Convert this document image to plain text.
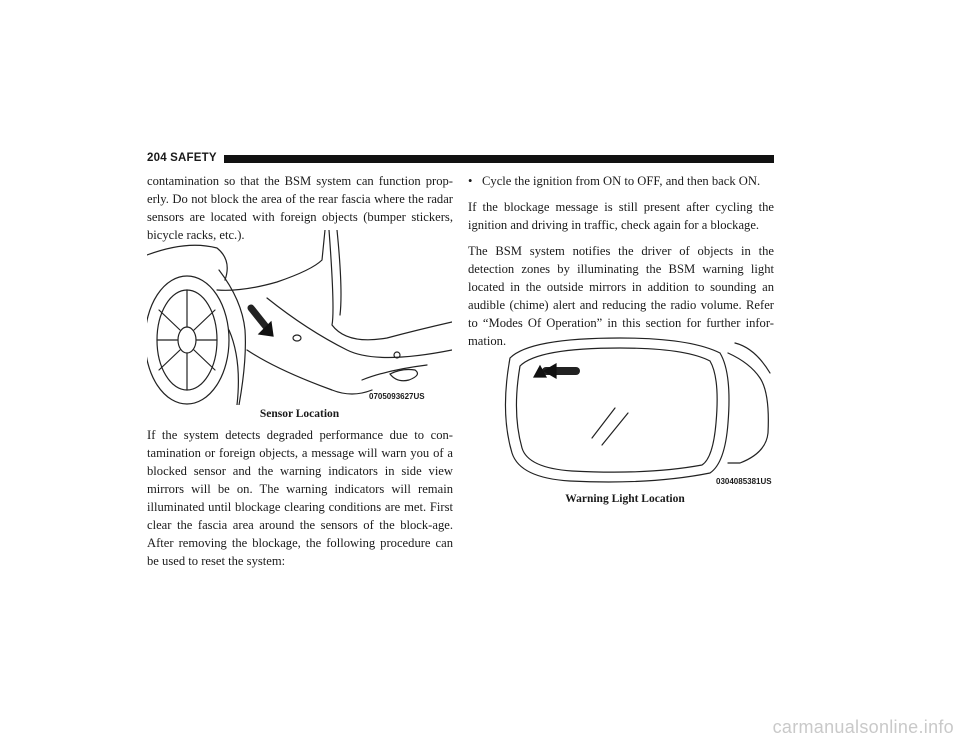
204 SAFETY

contamination so that the BSM system can function prop-erly. Do not block the area of the rear fascia where the radar sensors are located with foreign objects (bumper stickers, bicycle racks, etc.).

0705093627US
Sensor Location

If the system detects degraded performance due to con-tamination or foreign objects, a message will warn you of a blocked sensor and the warning indicators in side view mirrors will be on. The warning indicators will remain illuminated until blockage clearing conditions are met. First clear the fascia area around the sensors of the block-age. After removing the blockage, the following procedure can be used to reset the system:

• Cycle the ignition from ON to OFF, and then back ON.

If the blockage message is still present after cycling the ignition and driving in traffic, check again for a blockage.

The BSM system notifies the driver of objects in the detection zones by illuminating the BSM warning light located in the outside mirrors in addition to sounding an audible (chime) alert and reducing the radio volume. Refer to “Modes Of Operation” in this section for further infor-mation.

0304085381US
Warning Light Location
carmanualsonline.info
